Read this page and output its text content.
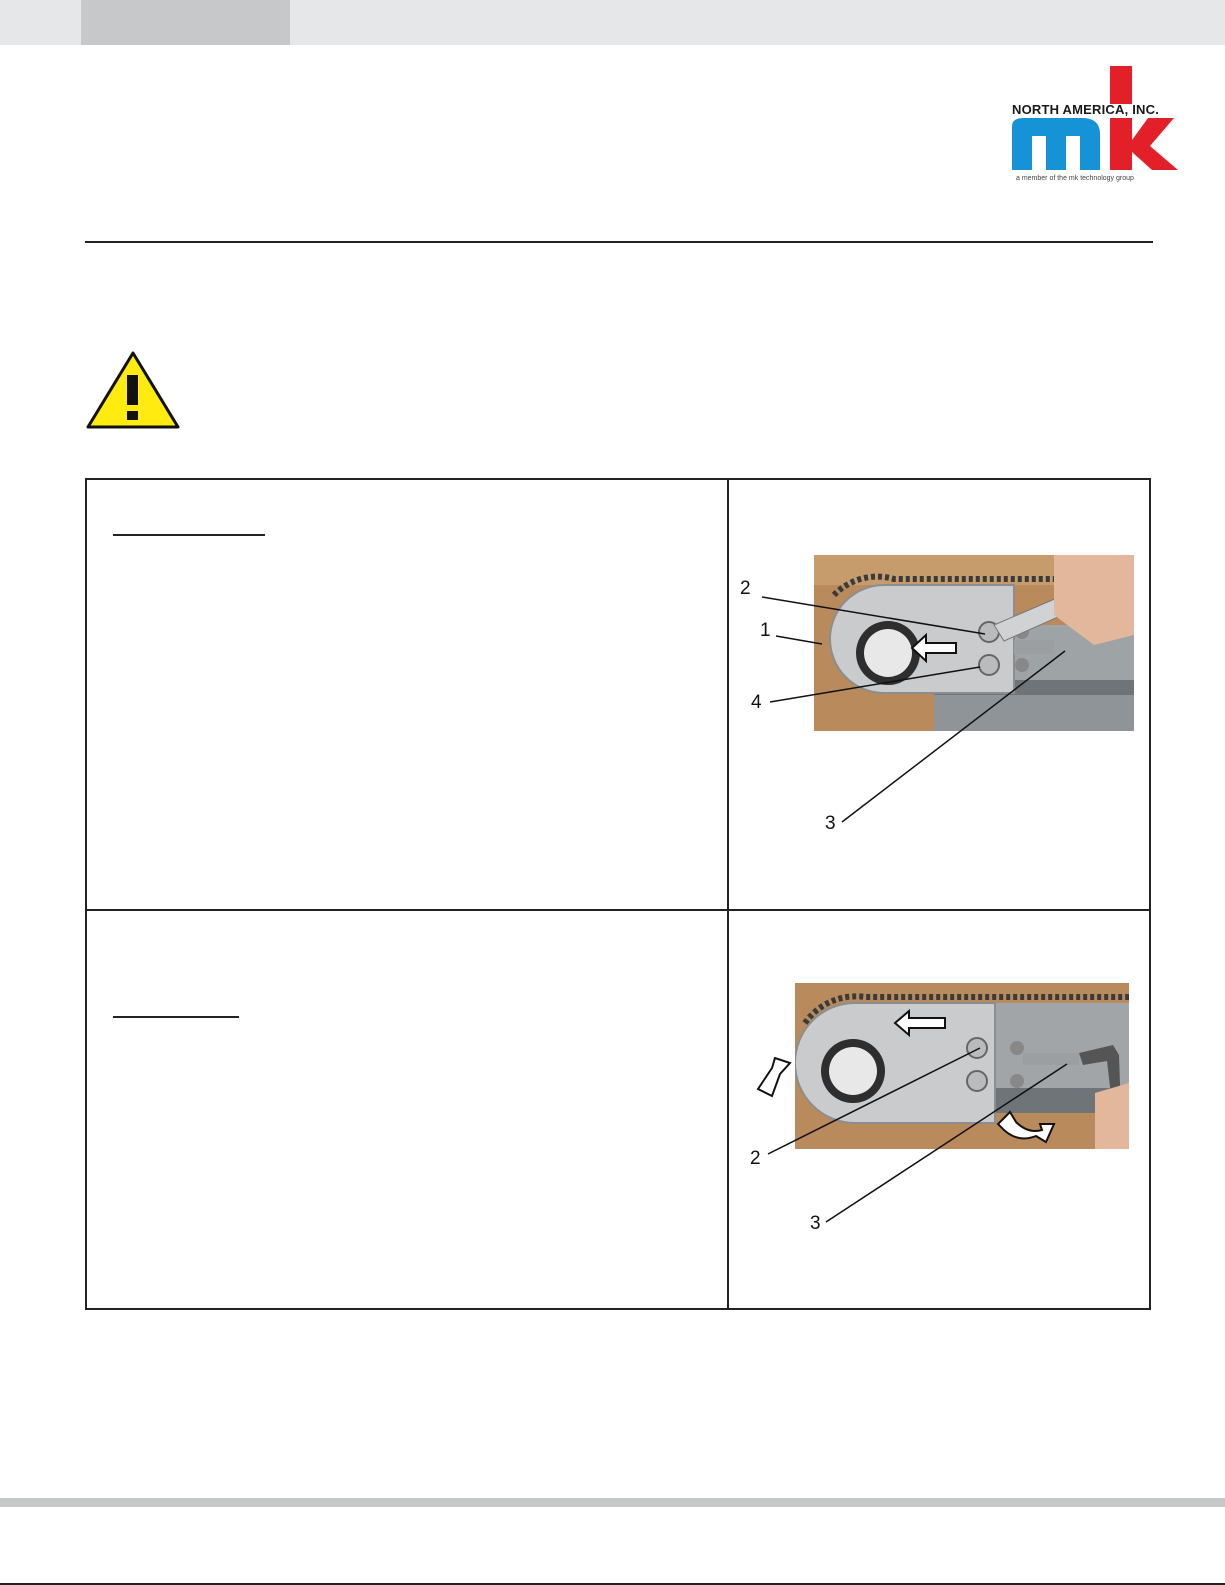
NORTH AMERICA, INC.
a member of the mk technology group
2
1
4
3
2
3
